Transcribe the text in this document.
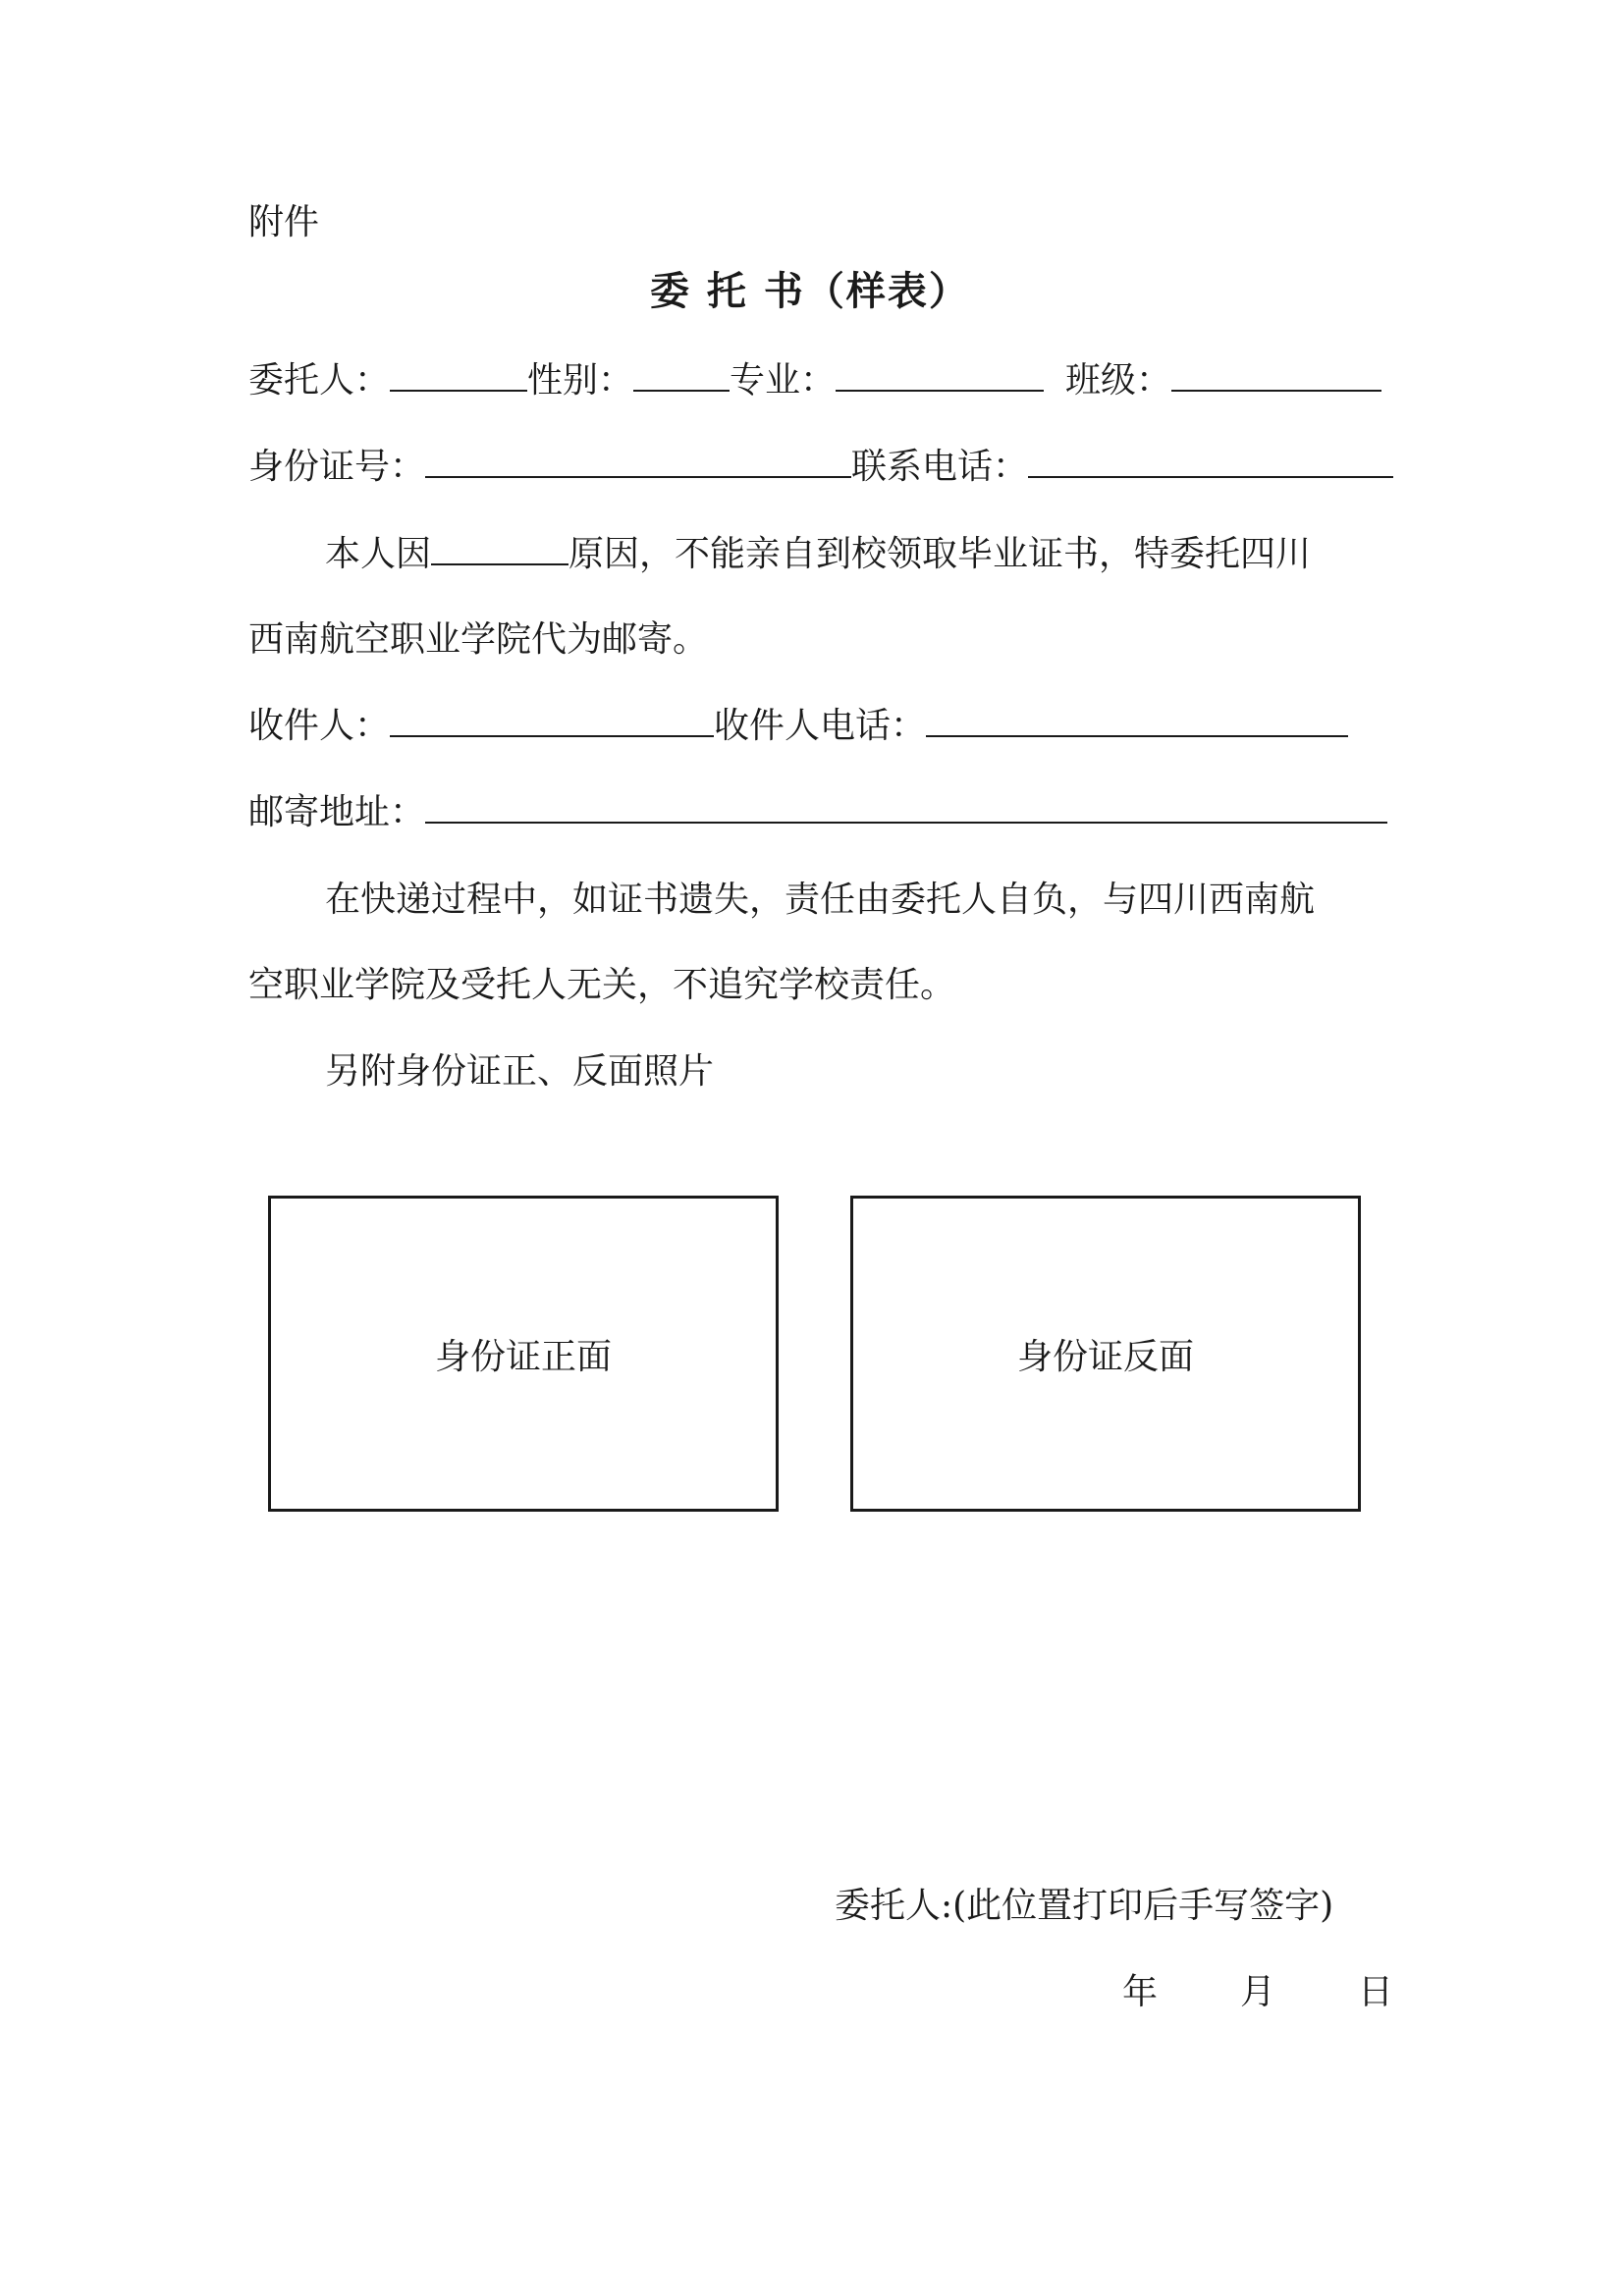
附件
委 托 书（样表）
委托人：	性别：	专业：	班级：
身份证号：	联系电话：
本人因	原因，不能亲自到校领取毕业证书，特委托四川
西南航空职业学院代为邮寄。
收件人：	收件人电话：
邮寄地址：
在快递过程中，如证书遗失，责任由委托人自负，与四川西南航
空职业学院及受托人无关，不追究学校责任。
另附身份证正、反面照片
身份证正面	身份证反面
委托人:(此位置打印后手写签字)
年 月 日
